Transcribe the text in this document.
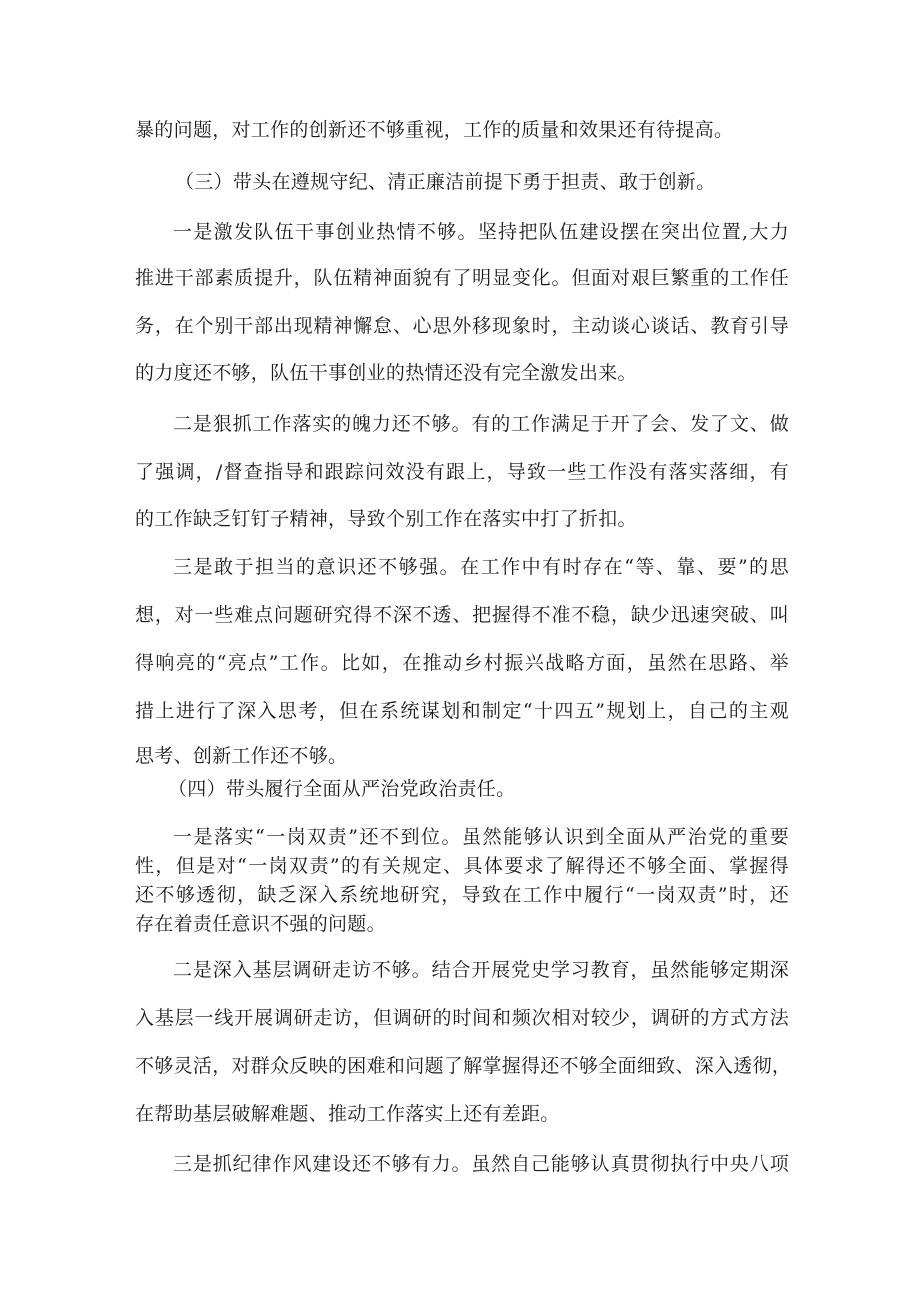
暴的问题，对工作的创新还不够重视，工作的质量和效果还有待提高。
（三）带头在遵规守纪、清正廉洁前提下勇于担责、敢于创新。
一是激发队伍干事创业热情不够。坚持把队伍建设摆在突出位置,大力
推进干部素质提升，队伍精神面貌有了明显变化。但面对艰巨繁重的工作任
务，在个别干部出现精神懈怠、心思外移现象时，主动谈心谈话、教育引导
的力度还不够，队伍干事创业的热情还没有完全激发出来。
二是狠抓工作落实的魄力还不够。有的工作满足于开了会、发了文、做
了强调，/督查指导和跟踪问效没有跟上，导致一些工作没有落实落细，有
的工作缺乏钉钉子精神，导致个别工作在落实中打了折扣。
三是敢于担当的意识还不够强。在工作中有时存在“等、靠、要”的思
想，对一些难点问题研究得不深不透、把握得不准不稳，缺少迅速突破、叫
得响亮的“亮点”工作。比如，在推动乡村振兴战略方面，虽然在思路、举
措上进行了深入思考，但在系统谋划和制定“十四五”规划上，自己的主观
思考、创新工作还不够。
（四）带头履行全面从严治党政治责任。
一是落实“一岗双责”还不到位。虽然能够认识到全面从严治党的重要
性，但是对“一岗双责”的有关规定、具体要求了解得还不够全面、掌握得
还不够透彻，缺乏深入系统地研究，导致在工作中履行“一岗双责”时，还
存在着责任意识不强的问题。
二是深入基层调研走访不够。结合开展党史学习教育，虽然能够定期深
入基层一线开展调研走访，但调研的时间和频次相对较少，调研的方式方法
不够灵活，对群众反映的困难和问题了解掌握得还不够全面细致、深入透彻，
在帮助基层破解难题、推动工作落实上还有差距。
三是抓纪律作风建设还不够有力。虽然自己能够认真贯彻执行中央八项
